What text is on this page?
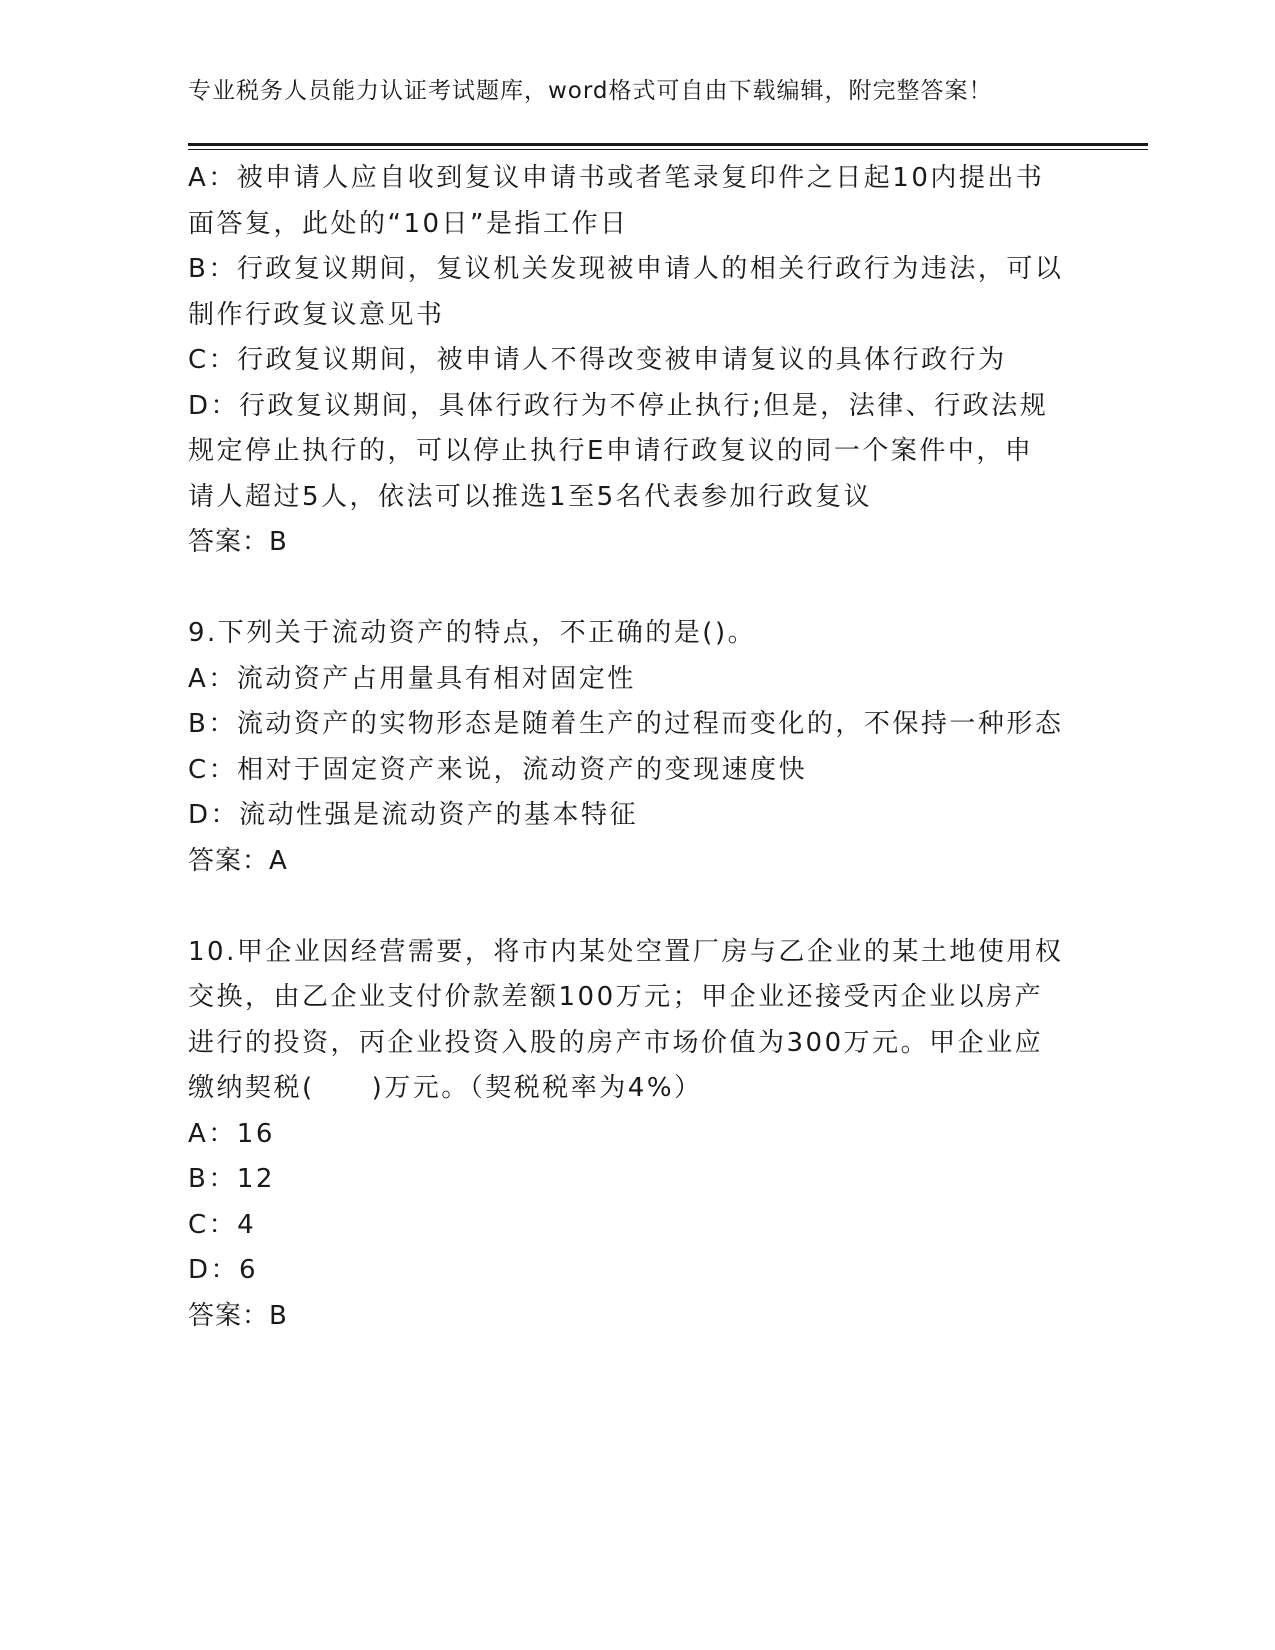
专业税务人员能力认证考试题库，word格式可自由下载编辑，附完整答案！
A：被申请人应自收到复议申请书或者笔录复印件之日起10内提出书
面答复，此处的“10日”是指工作日
B：行政复议期间，复议机关发现被申请人的相关行政行为违法，可以
制作行政复议意见书
C：行政复议期间，被申请人不得改变被申请复议的具体行政行为
D：行政复议期间，具体行政行为不停止执行;但是，法律、行政法规
规定停止执行的，可以停止执行E申请行政复议的同一个案件中，申
请人超过5人，依法可以推选1至5名代表参加行政复议
答案：B
9.下列关于流动资产的特点，不正确的是()。
A：流动资产占用量具有相对固定性
B：流动资产的实物形态是随着生产的过程而变化的，不保持一种形态
C：相对于固定资产来说，流动资产的变现速度快
D：流动性强是流动资产的基本特征
答案：A
10.甲企业因经营需要，将市内某处空置厂房与乙企业的某土地使用权
交换，由乙企业支付价款差额100万元；甲企业还接受丙企业以房产
进行的投资，丙企业投资入股的房产市场价值为300万元。甲企业应
缴纳契税(　　)万元。（契税税率为4%）
A：16
B：12
C：4
D：6
答案：B
